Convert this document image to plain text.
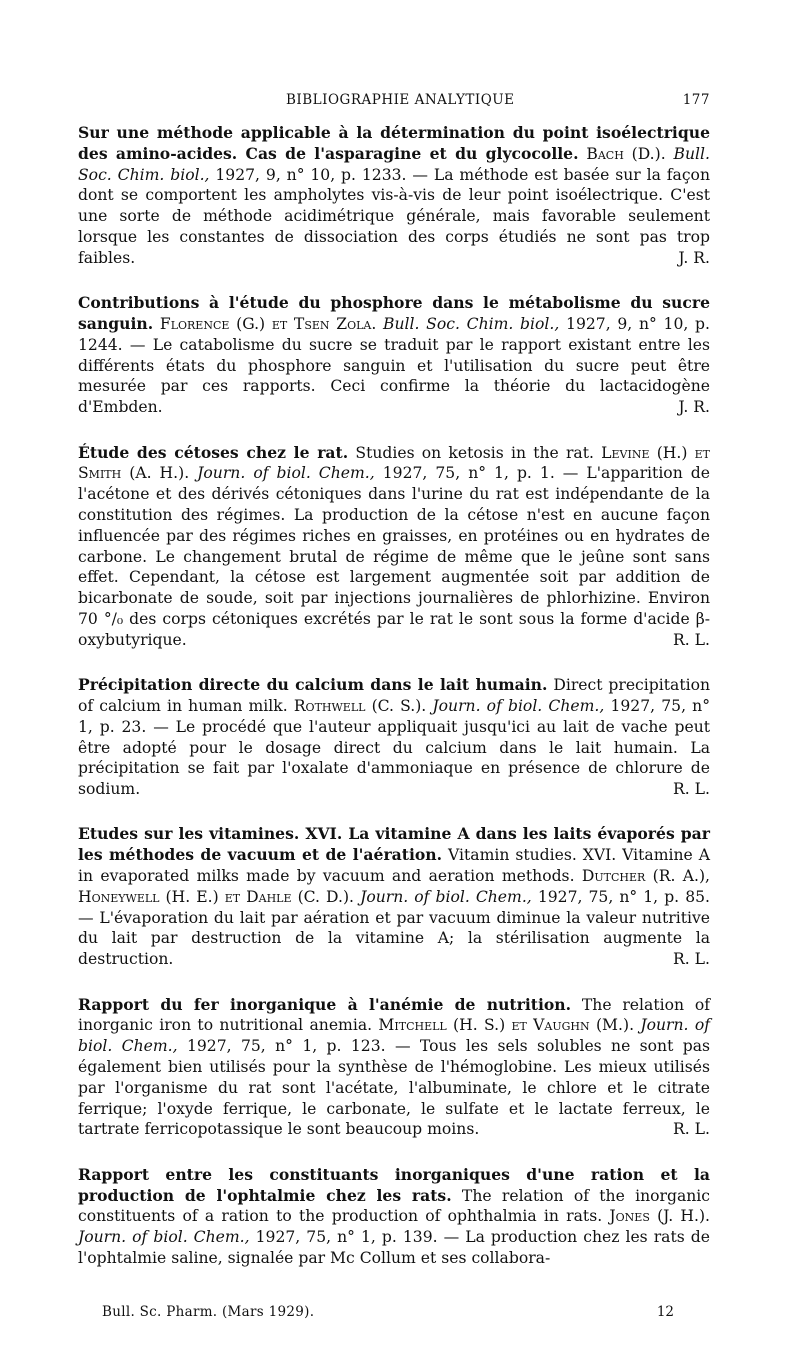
BIBLIOGRAPHIE ANALYTIQUE	177

Sur une méthode applicable à la détermination du point isoélectrique des amino-acides. Cas de l'asparagine et du glycocolle. Bach (D.). Bull. Soc. Chim. biol., 1927, 9, n° 10, p. 1233. — La méthode est basée sur la façon dont se comportent les ampholytes vis-à-vis de leur point isoélectrique. C'est une sorte de méthode acidimétrique générale, mais favorable seulement lorsque les constantes de dissociation des corps étudiés ne sont pas trop faibles.	J. R.

Contributions à l'étude du phosphore dans le métabolisme du sucre sanguin. Florence (G.) et Tsen Zola. Bull. Soc. Chim. biol., 1927, 9, n° 10, p. 1244. — Le catabolisme du sucre se traduit par le rapport existant entre les différents états du phosphore sanguin et l'utilisation du sucre peut être mesurée par ces rapports. Ceci confirme la théorie du lactacidogène d'Embden.	J. R.

Étude des cétoses chez le rat. Studies on ketosis in the rat. Levine (H.) et Smith (A. H.). Journ. of biol. Chem., 1927, 75, n° 1, p. 1. — L'apparition de l'acétone et des dérivés cétoniques dans l'urine du rat est indépendante de la constitution des régimes. La production de la cétose n'est en aucune façon influencée par des régimes riches en graisses, en protéines ou en hydrates de carbone. Le changement brutal de régime de même que le jeûne sont sans effet. Cependant, la cétose est largement augmentée soit par addition de bicarbonate de soude, soit par injections journalières de phlorhizine. Environ 70 °/₀ des corps cétoniques excrétés par le rat le sont sous la forme d'acide β-oxybutyrique.	R. L.

Précipitation directe du calcium dans le lait humain. Direct precipitation of calcium in human milk. Rothwell (C. S.). Journ. of biol. Chem., 1927, 75, n° 1, p. 23. — Le procédé que l'auteur appliquait jusqu'ici au lait de vache peut être adopté pour le dosage direct du calcium dans le lait humain. La précipitation se fait par l'oxalate d'ammoniaque en présence de chlorure de sodium.	R. L.

Etudes sur les vitamines. XVI. La vitamine A dans les laits évaporés par les méthodes de vacuum et de l'aération. Vitamin studies. XVI. Vitamine A in evaporated milks made by vacuum and aeration methods. Dutcher (R. A.), Honeywell (H. E.) et Dahle (C. D.). Journ. of biol. Chem., 1927, 75, n° 1, p. 85. — L'évaporation du lait par aération et par vacuum diminue la valeur nutritive du lait par destruction de la vitamine A; la stérilisation augmente la destruction.	R. L.

Rapport du fer inorganique à l'anémie de nutrition. The relation of inorganic iron to nutritional anemia. Mitchell (H. S.) et Vaughn (M.). Journ. of biol. Chem., 1927, 75, n° 1, p. 123. — Tous les sels solubles ne sont pas également bien utilisés pour la synthèse de l'hémoglobine. Les mieux utilisés par l'organisme du rat sont l'acétate, l'albuminate, le chlore et le citrate ferrique; l'oxyde ferrique, le carbonate, le sulfate et le lactate ferreux, le tartrate ferricopotassique le sont beaucoup moins.	R. L.

Rapport entre les constituants inorganiques d'une ration et la production de l'ophtalmie chez les rats. The relation of the inorganic constituents of a ration to the production of ophthalmia in rats. Jones (J. H.). Journ. of biol. Chem., 1927, 75, n° 1, p. 139. — La production chez les rats de l'ophtalmie saline, signalée par Mc Collum et ses collabora-

Bull. Sc. Pharm. (Mars 1929).	12
